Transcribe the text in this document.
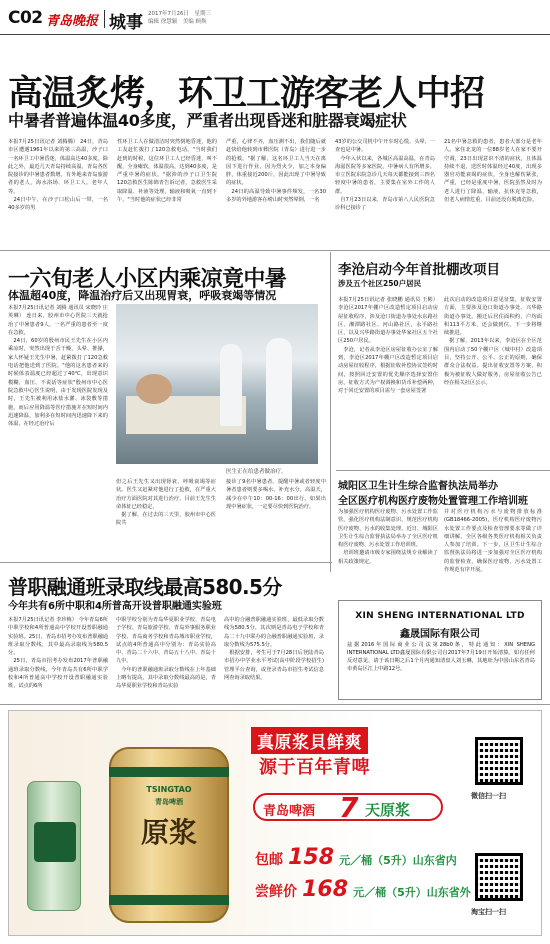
C02 青岛晚报 城事 2017年7月26日　星期三
编辑 徐慧颖　美编 顾焕
高温炙烤，环卫工游客老人中招
中暑者普遍体温40多度，严重者出现昏迷和脏器衰竭症状
本报7月25日讯记者 刘腾腾） 24日，青岛市区遭遇1961年以来的第三高温，沙子口一名环卫工中暑昏迷，体温高达40多度。除此之外，最近几天青岛持续高温，青岛各医院接诊的中暑患者数增。有外地来青岛旅游者的老人，海水浴场、环卫工人、老年人等。
　24日中午，在沙子口松山后一带，一名40多岁的男
性环卫工人在做清洁时突然倒地昏迷，他的工友赶忙拨打了120急救电话。"当时我们赶到的时候，这位环卫工人已经昏迷，叫不醒，全身瘫软，体温很高，达到40多度，是严重中暑的症状。"据涉的沙子口卫生院120急救医生陈锦青告诉记者，急救医生采取降温、补液等处理，输液和吸氧一直到下午，"当时他的症状已经非常
严重，心律不齐，血压测不出，我们随后就赶快给他转到市彝医院（青岛）进行进一步的抢救。"据了解，这名环卫工人当天在离园下进行作业，因为烈火少，加之本身偏胖，体重接近200斤，因此出现了中暑导致的症状。
　24日的高温导致中暑事件频发，一名30多岁的外地游客在崂山时突然晕倒，一名
43岁的公交司机中午开车时心慌、头晕，一查也是中暑。
　今年入伏以来，各城区高温高温，在青岛海滋医院等多家医院，中暑病人有所增多。市立医院东院急诊几天每天都能接到三四名轻度中暑的患者，主要集在室外工作的人群。
　自7月23日以来，青岛市第八人民医院急诊科已接诊了
21名中暑急救的患者，患者大部分是老年人。家住北龙的一位88岁老人在家不要开空调，23日出现意识不清的症状，且体温持续不退，送医时体温经过40度，出现多器官功能衰竭的症状，全身也解伤紧张，严重，已经是重度中暑，医院虽然及时为老人进行了降温，输液，抗休克等急救，但老人病情危重，目前还没有脱离危险。
一六旬老人小区内乘凉竟中暑
体温超40度，降温治疗后又出现胃衰，呼吸衰竭等情况
本报7月25日讯记者 刘腾 通讯员 宋晓玲 庄英琳） 连日来，胶州市中心医院三天就抢治了中暑患者9人，一名严重的患者至一度在急救，
　24日，60岁的殷州市民王先生在小区内乘凉时，突然出现于舌干燥，头晕、推搡，家人怀疑王先生中暑，赶紧拨打了120急救电话把他送到了医院。"他的这名患者来的时候体表温度已经超过了40℃，出现意识模糊，血压、不说话等症状"殷州市中心医院急救中心医生说明，由于发现医院发现及时，王先生被利用冰盐水灌、冰袋敷等措施，而后应用降温等医疗措施并在短时间内迅速降温，加利多在短时间内迅速降下来的体温，在经过治疗后
医生正在给患者做治疗。
但之后王先生又出现肾衰，呼吸衰竭等症状。医生又赶紧对他进行了抢救，在严重大治疗方面医院对其进行治疗。目前王先生生命体征已经稳定。
　据了解，在过去的三天里，胶州市中心医院共
接诊了9名中暑患者。提醒中暑或者轻度中暑者患者则要多喝水，补充水分。高温天，减少在中午10：00-16：00出行。如果出现中暑症状，一定要尽快到医院治疗。
李沧启动今年首批棚改项目
涉及五个社区250户居民
本报7月25日讯记者 张晓鹏 通讯员 王彬） 李沧区2017年棚户区改造暂定项目启动房屋征收程序，涉及沧口街道办事处水东路社区、湘潭路社区、河山路社区，永平路社区，以及兴华路街道办事处华家社区五个社区250户居民。
　李沧，记者从李沧区房屋征收办公室了解到，李沧区2017年棚户区改造暂定项目启动房屋征收程序，根据征收补偿协议签约时间，按照回迁安置的优先顺序选择安置住房，征收方式为产权调换和货币补偿两种，对于回迁安置的项目需与一套房屋签署
此次启动的改造项目意见征集，征收安置方面，主要涉及沧口街道办事处、兴华路街道办事处。搬迁后居住面积约，户均面积113平方米，还会做到位，下一步将继续推进。
　据了解，2013年以来，李沧区在全区范围内启动了50个棚户区（城中村）改造项目，坚持公开、公平、公正的原则，确保群众合法权益。提出征收安置等方案，积极为被征收人做好服务，房屋征收公告已经在相关社区公示。
城阳区卫生计生综合监督执法局举办
全区医疗机构医疗废物处置管理工作培训班
为加强医疗机构医疗废物、污水处置工作监管，强化医疗机构法制意识，规范医疗机构医疗废物、污水的收集处理，近日，城阳区卫生计生综合监督执法局举办了全区医疗机构医疗废物、污水处置工作培训班。
　培训班邀请市级专家围绕法规专业解读了相关政策规定。
并对医疗机构污水与废物排放标准(GB18466-2005)，医疗机构医疗废物污水处置工作要点及检查管理要求等做了详细讲解。全区各级各类医疗机构相关负责人参加了培训。下一步，区卫生计生综合监督执法局将进一步加强对全区医疗机构的监督检查，确保医疗废物、污水处置工作规范有序开展。
普职融通班录取线最高580.5分
今年共有6所中职和4所普高开设普职融通实验班
本报7月25日讯记者 李珍梅） 今年青岛6所中职学校和4所普通高中学校开设普职融通实验班。25日，青岛市招考办发布普职融通班录取分数线，其中最高录取线为580.5分。
　25日，青岛市招考办发布2017年普职融通班录取分数线，今年青岛共有6所中职学校和4所普通高中学校开设普职融通实验班，试点的6所
中职学校分别为青岛华夏职业学校、青岛电子学校、青岛旅游学校、青岛外事服务职业学校、青岛商务学校和青岛城市职业学校，试点的4所普通高中分别为：青岛实验高中、青岛二十六中、青岛五十八中、青岛十九中。
　今年的普职融通班录取分数线在上年基础上略有提高，其中录取分数线最高的是，青岛华夏职业学校和青岛实验
高中的合融普职融通实验班，最低录取分数线为580.5分，其次则是青岛电子学校和青岛二十九中联办的合融普职融通实验班，录取分数线为575.5分。
　根据安排，考生可于7月28日后登陆青岛市招办中学业水平考试(高中阶段学校招生)管理平台查询，或登录青岛市招生考试信息网查询录取结果。
XIN SHENG INTERNATIONAL LTD
鑫晟国际有限公司
兹据2016年国际商业公司法第28b0条，特此通知：XIN SHENG INTERNATIONAL LTD鑫晟国际有限公司自2017年7月19日开始清算。如有任何反对意见，请于该日期之后1个月内通知清盘人刘玉琳，其地址为中国山东省青岛市黄岛区江上中路12号。
TSINGTAO
青岛啤酒
原浆
真原浆貝鲜爽
源于百年青啤
青岛啤酒 7 天原浆
包邮 158 元／桶（5升）山东省内
尝鲜价 168 元／桶（5升）山东省外
微信扫一扫
淘宝扫一扫
